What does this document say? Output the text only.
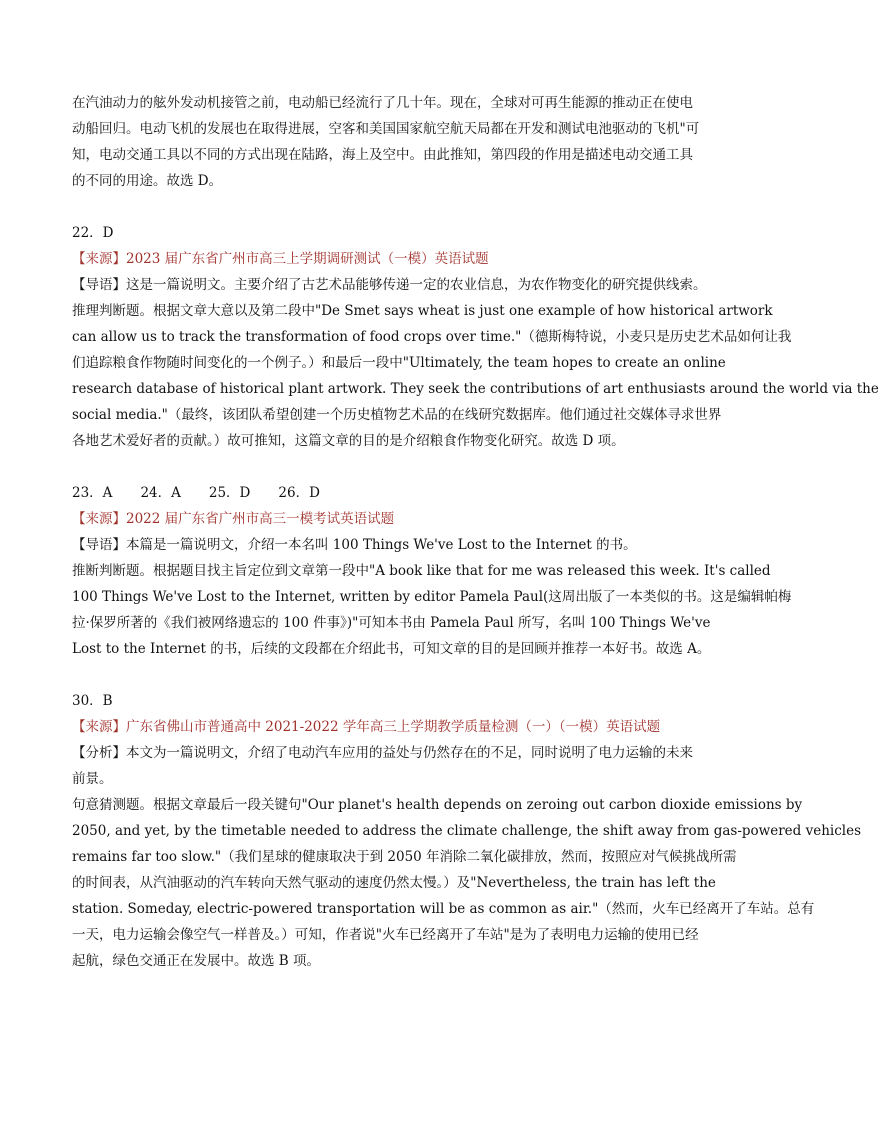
在汽油动力的舷外发动机接管之前，电动船已经流行了几十年。现在，全球对可再生能源的推动正在使电
动船回归。电动飞机的发展也在取得进展，空客和美国国家航空航天局都在开发和测试电池驱动的飞机"可
知，电动交通工具以不同的方式出现在陆路，海上及空中。由此推知，第四段的作用是描述电动交通工具
的不同的用途。故选 D。

22．D

【来源】2023 届广东省广州市高三上学期调研测试（一模）英语试题

【导语】这是一篇说明文。主要介绍了古艺术品能够传递一定的农业信息，为农作物变化的研究提供线索。
推理判断题。根据文章大意以及第二段中"De Smet says wheat is just one example of how historical artwork
can allow us to track the transformation of food crops over time."（德斯梅特说，小麦只是历史艺术品如何让我
们追踪粮食作物随时间变化的一个例子。）和最后一段中"Ultimately, the team hopes to create an online
research database of historical plant artwork. They seek the contributions of art enthusiasts around the world via the
social media."（最终，该团队希望创建一个历史植物艺术品的在线研究数据库。他们通过社交媒体寻求世界
各地艺术爱好者的贡献。）故可推知，这篇文章的目的是介绍粮食作物变化研究。故选 D 项。

23．A 24．A 25．D 26．D

【来源】2022 届广东省广州市高三一模考试英语试题

【导语】本篇是一篇说明文，介绍一本名叫 100 Things We've Lost to the Internet 的书。
推断判断题。根据题目找主旨定位到文章第一段中"A book like that for me was released this week. It's called
100 Things We've Lost to the Internet, written by editor Pamela Paul(这周出版了一本类似的书。这是编辑帕梅
拉·保罗所著的《我们被网络遗忘的 100 件事》)"可知本书由 Pamela Paul 所写，名叫 100 Things We've
Lost to the Internet 的书，后续的文段都在介绍此书，可知文章的目的是回顾并推荐一本好书。故选 A。

30．B

【来源】广东省佛山市普通高中 2021-2022 学年高三上学期教学质量检测（一）（一模）英语试题

【分析】本文为一篇说明文，介绍了电动汽车应用的益处与仍然存在的不足，同时说明了电力运输的未来
前景。
句意猜测题。根据文章最后一段关键句"Our planet's health depends on zeroing out carbon dioxide emissions by
2050, and yet, by the timetable needed to address the climate challenge, the shift away from gas-powered vehicles
remains far too slow."（我们星球的健康取决于到 2050 年消除二氧化碳排放，然而，按照应对气候挑战所需
的时间表，从汽油驱动的汽车转向天然气驱动的速度仍然太慢。）及"Nevertheless, the train has left the
station. Someday, electric-powered transportation will be as common as air."（然而，火车已经离开了车站。总有
一天，电力运输会像空气一样普及。）可知，作者说"火车已经离开了车站"是为了表明电力运输的使用已经
起航，绿色交通正在发展中。故选 B 项。
